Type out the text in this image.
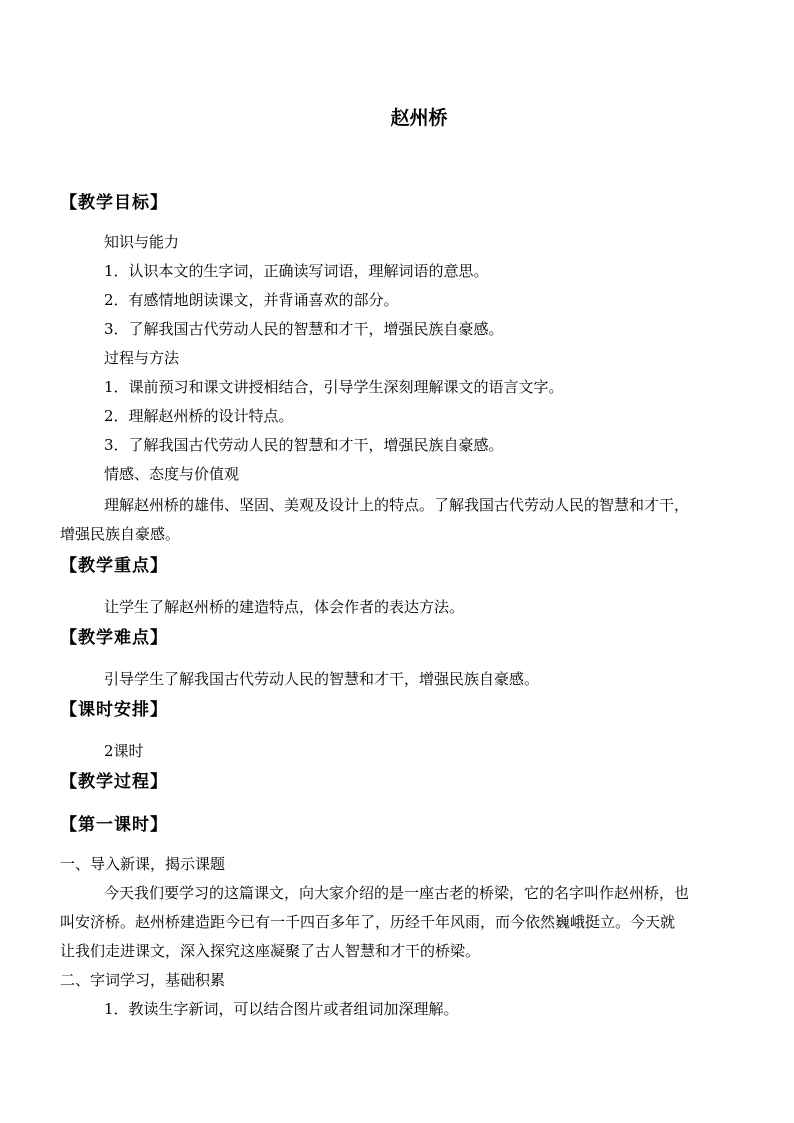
赵州桥
【教学目标】
知识与能力
1．认识本文的生字词，正确读写词语，理解词语的意思。
2．有感情地朗读课文，并背诵喜欢的部分。
3．了解我国古代劳动人民的智慧和才干，增强民族自豪感。
过程与方法
1．课前预习和课文讲授相结合，引导学生深刻理解课文的语言文字。
2．理解赵州桥的设计特点。
3．了解我国古代劳动人民的智慧和才干，增强民族自豪感。
情感、态度与价值观
理解赵州桥的雄伟、坚固、美观及设计上的特点。了解我国古代劳动人民的智慧和才干，
增强民族自豪感。
【教学重点】
让学生了解赵州桥的建造特点，体会作者的表达方法。
【教学难点】
引导学生了解我国古代劳动人民的智慧和才干，增强民族自豪感。
【课时安排】
2课时
【教学过程】
【第一课时】
一、导入新课，揭示课题
今天我们要学习的这篇课文，向大家介绍的是一座古老的桥梁，它的名字叫作赵州桥，也
叫安济桥。赵州桥建造距今已有一千四百多年了，历经千年风雨，而今依然巍峨挺立。今天就
让我们走进课文，深入探究这座凝聚了古人智慧和才干的桥梁。
二、字词学习，基础积累
1．教读生字新词，可以结合图片或者组词加深理解。
